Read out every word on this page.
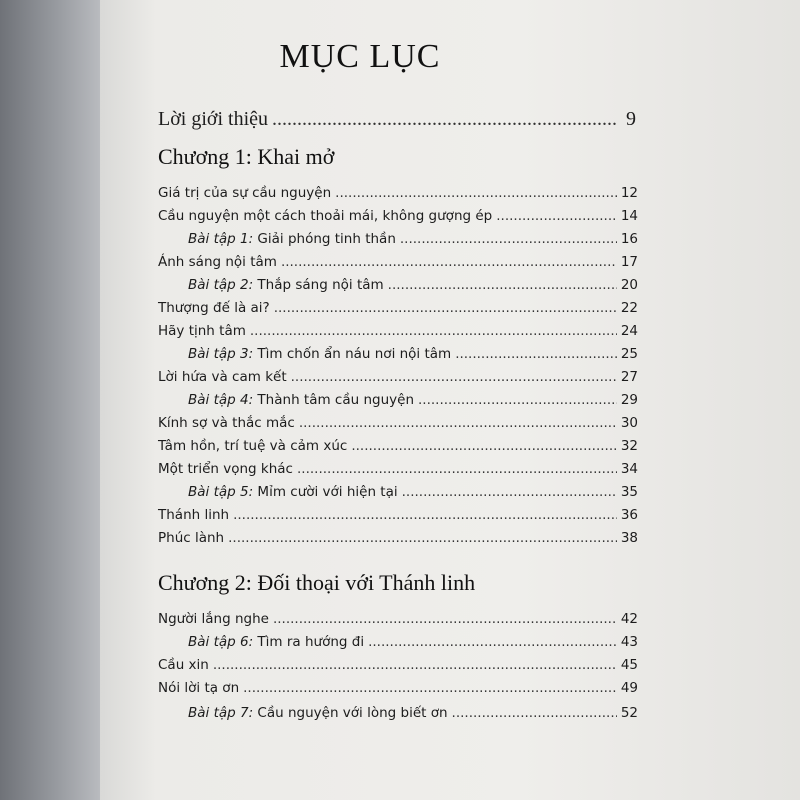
MỤC LỤC
Lời giới thiệu .....	9
Chương 1: Khai mở
Giá trị của sự cầu nguyện .....	12
Cầu nguyện một cách thoải mái, không gượng ép .....	14
Bài tập 1: Giải phóng tinh thần .....	16
Ánh sáng nội tâm .....	17
Bài tập 2: Thắp sáng nội tâm .....	20
Thượng đế là ai? .....	22
Hãy tịnh tâm .....	24
Bài tập 3: Tìm chốn ẩn náu nơi nội tâm .....	25
Lời hứa và cam kết .....	27
Bài tập 4: Thành tâm cầu nguyện .....	29
Kính sợ và thắc mắc .....	30
Tâm hồn, trí tuệ và cảm xúc .....	32
Một triển vọng khác .....	34
Bài tập 5: Mỉm cười với hiện tại .....	35
Thánh linh .....	36
Phúc lành .....	38
Chương 2: Đối thoại với Thánh linh
Người lắng nghe .....	42
Bài tập 6: Tìm ra hướng đi .....	43
Cầu xin .....	45
Nói lời tạ ơn .....	49
Bài tập 7: Cầu nguyện với lòng biết ơn .....	52
